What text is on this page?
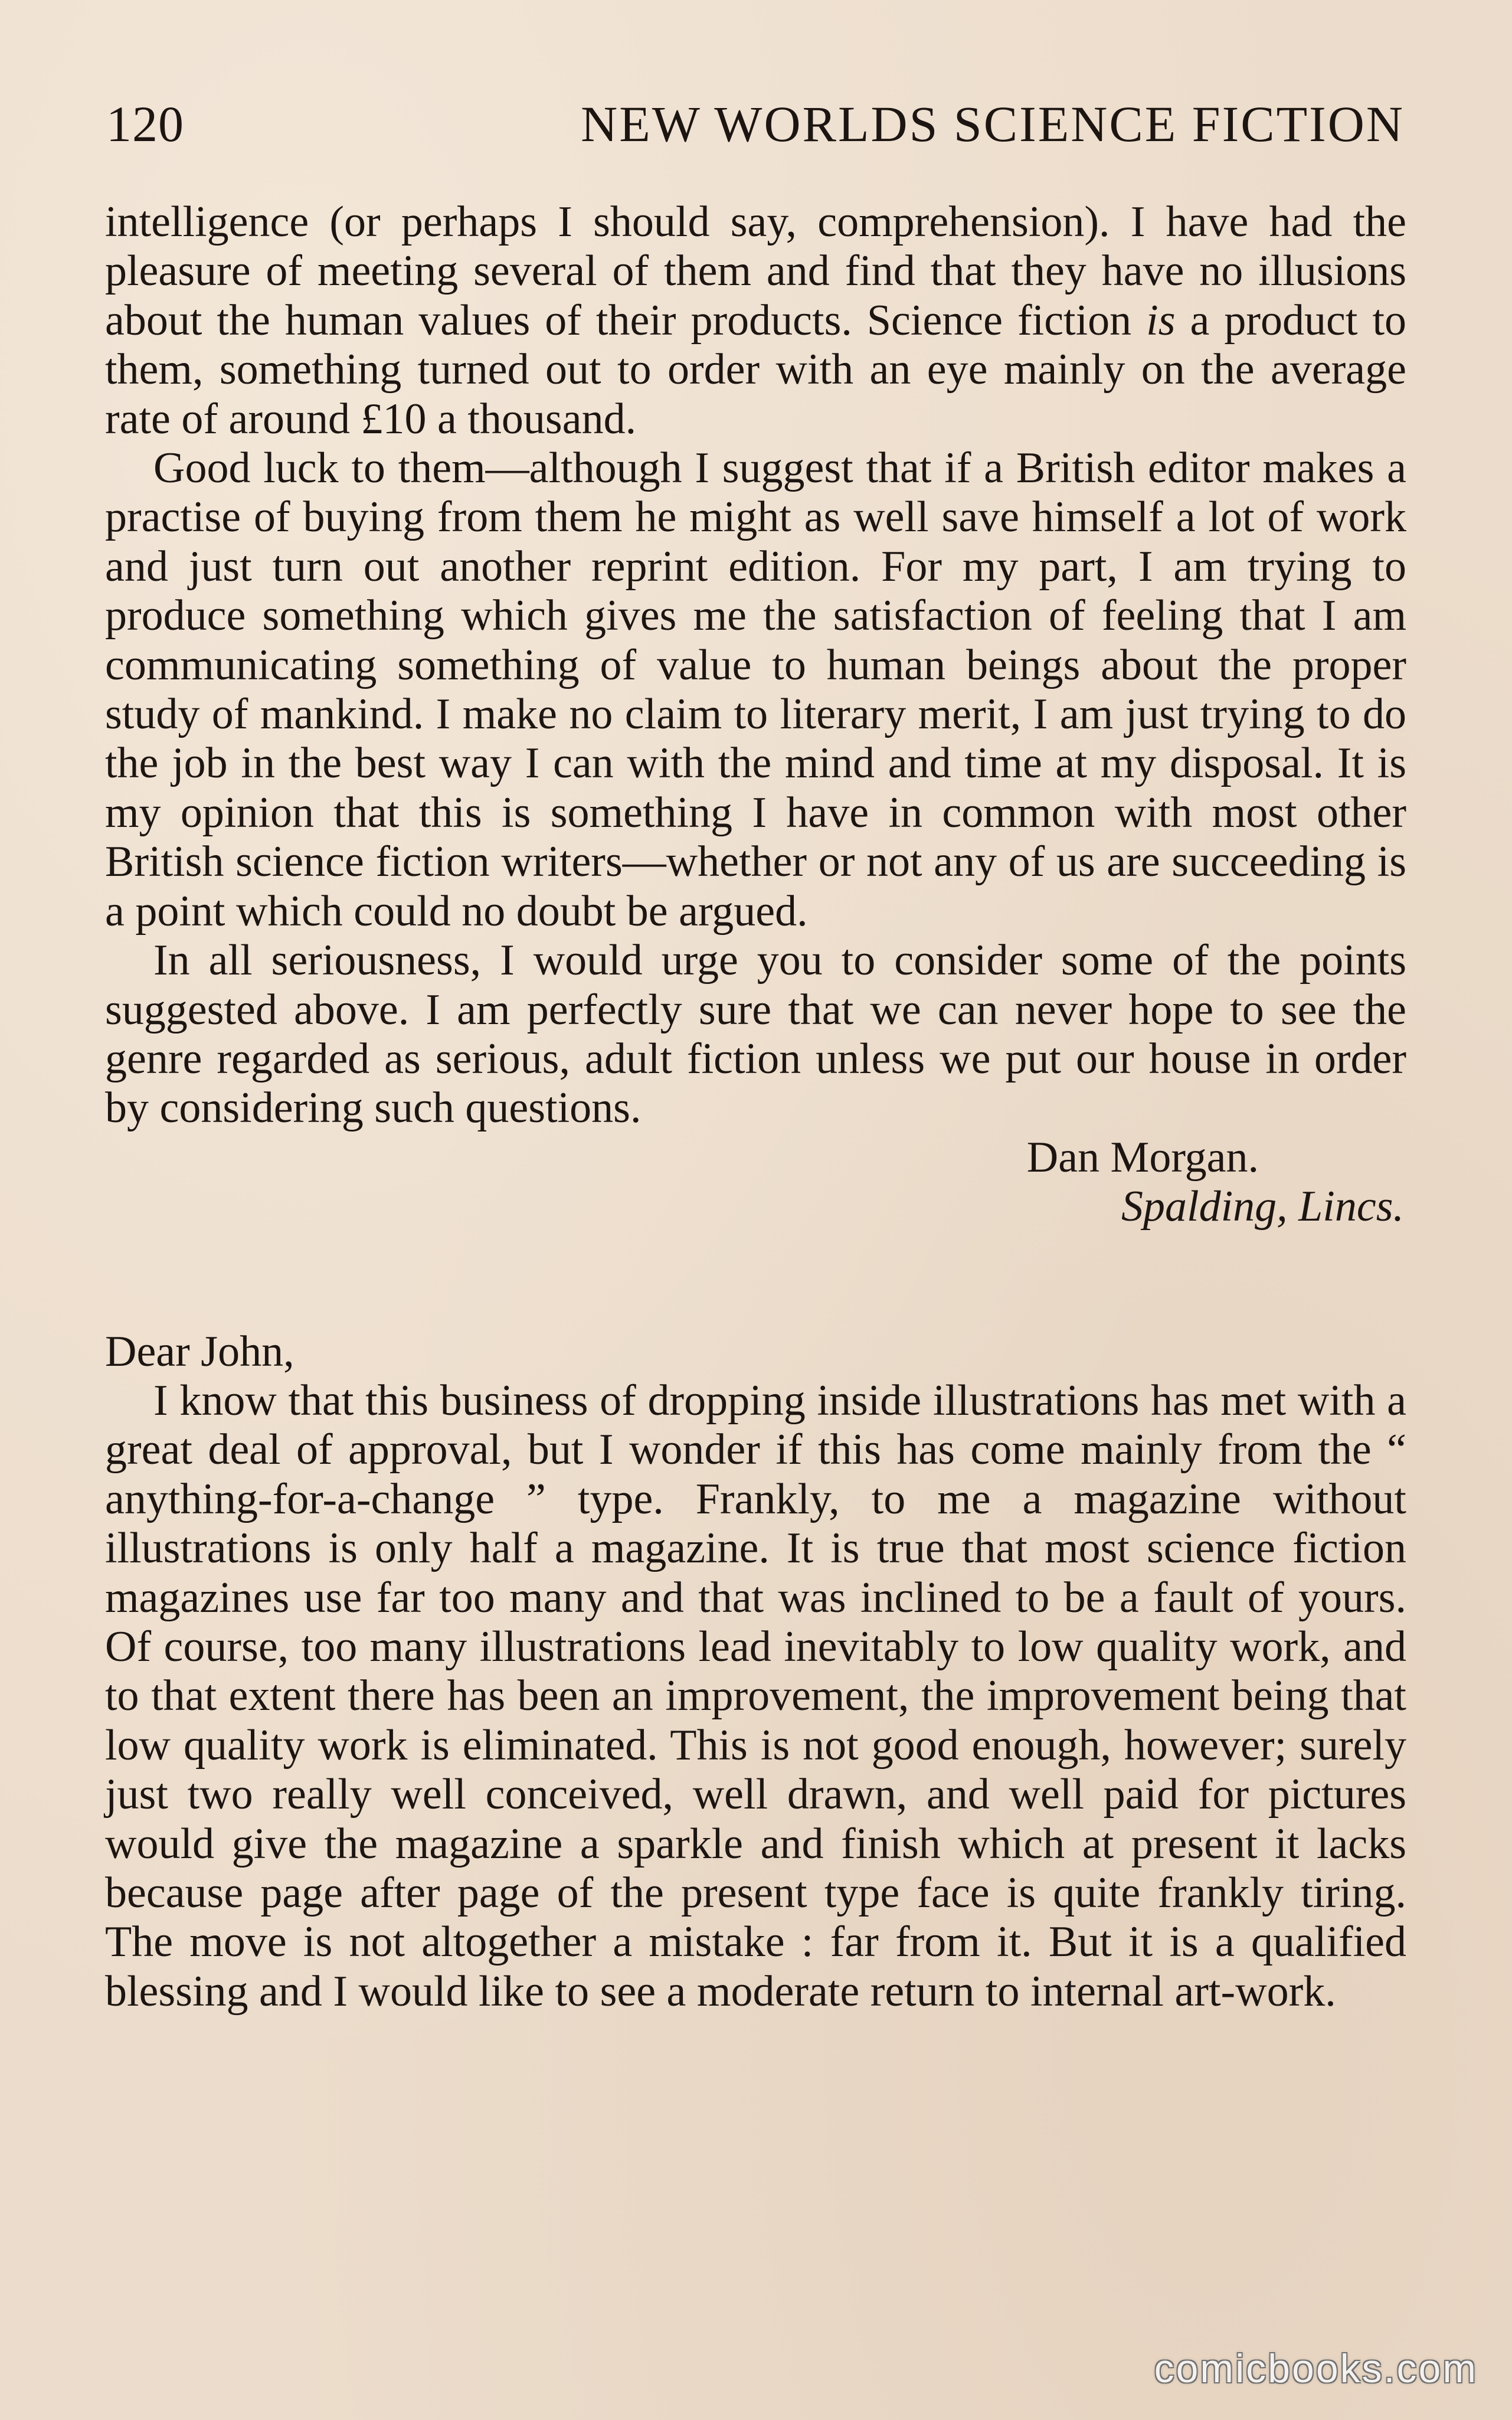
120	NEW WORLDS SCIENCE FICTION

intelligence (or perhaps I should say, comprehension). I have had the pleasure of meeting several of them and find that they have no illusions about the human values of their products. Science fiction is a product to them, something turned out to order with an eye mainly on the average rate of around £10 a thousand.

Good luck to them—although I suggest that if a British editor makes a practise of buying from them he might as well save himself a lot of work and just turn out another reprint edition. For my part, I am trying to produce something which gives me the satisfaction of feeling that I am communicating something of value to human beings about the proper study of mankind. I make no claim to literary merit, I am just trying to do the job in the best way I can with the mind and time at my disposal. It is my opinion that this is something I have in common with most other British science fiction writers—whether or not any of us are succeeding is a point which could no doubt be argued.

In all seriousness, I would urge you to consider some of the points suggested above. I am perfectly sure that we can never hope to see the genre regarded as serious, adult fiction unless we put our house in order by considering such questions.

Dan Morgan.
Spalding, Lincs.

Dear John,

I know that this business of dropping inside illustrations has met with a great deal of approval, but I wonder if this has come mainly from the “ anything-for-a-change ” type. Frankly, to me a magazine without illustrations is only half a magazine. It is true that most science fiction magazines use far too many and that was inclined to be a fault of yours. Of course, too many illustrations lead inevitably to low quality work, and to that extent there has been an improvement, the improvement being that low quality work is eliminated. This is not good enough, however; surely just two really well conceived, well drawn, and well paid for pictures would give the magazine a sparkle and finish which at present it lacks because page after page of the present type face is quite frankly tiring. The move is not altogether a mistake : far from it. But it is a qualified blessing and I would like to see a moderate return to internal art-work.

comicbooks.com
